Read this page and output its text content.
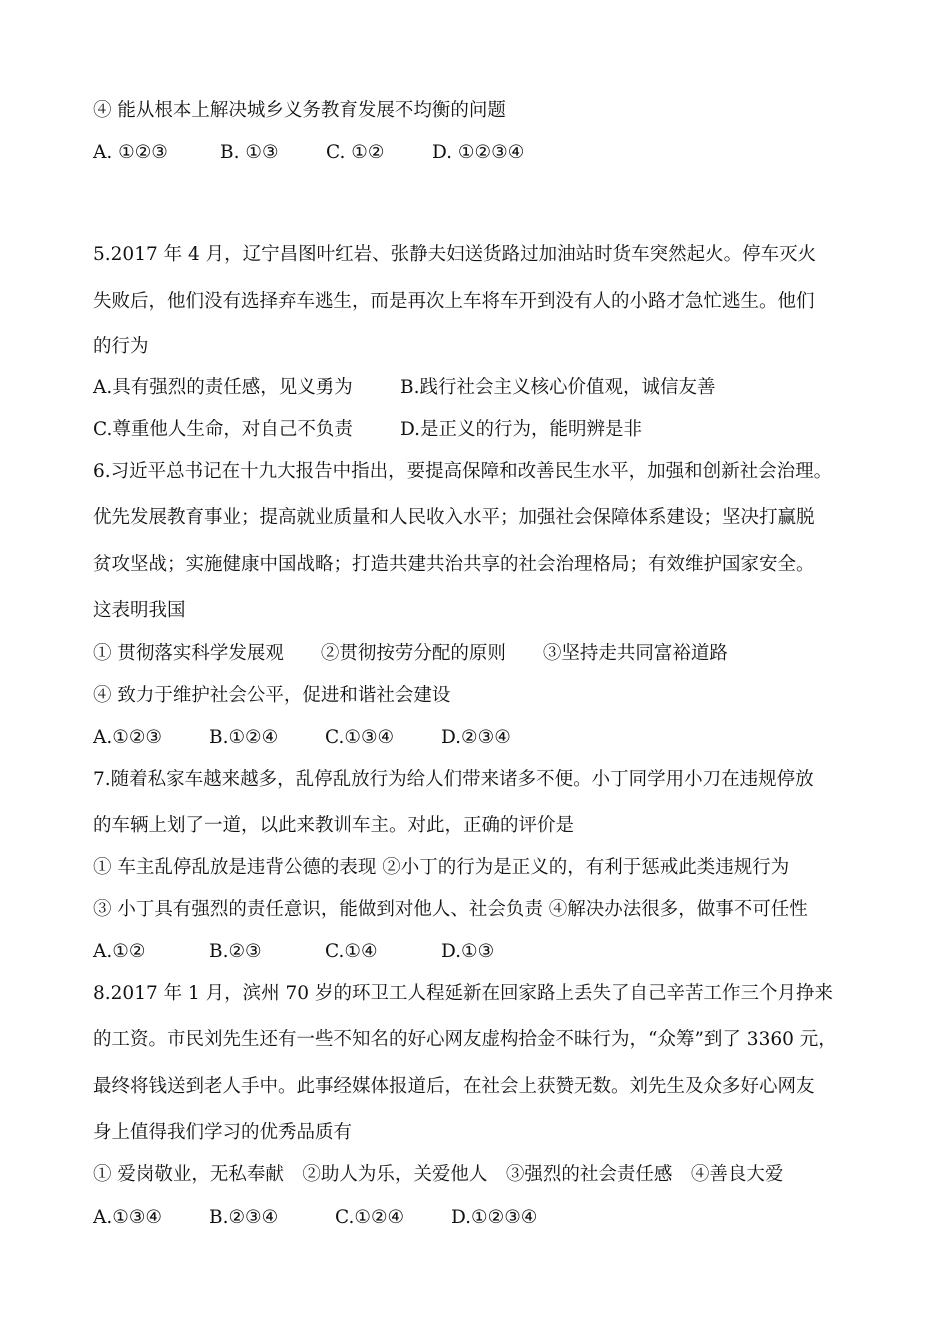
④ 能从根本上解决城乡义务教育发展不均衡的问题
A. ①②③	B. ①③	C. ①②	D. ①②③④
5.2017 年 4 月，辽宁昌图叶红岩、张静夫妇送货路过加油站时货车突然起火。停车灭火
失败后，他们没有选择弃车逃生，而是再次上车将车开到没有人的小路才急忙逃生。他们
的行为
A.具有强烈的责任感，见义勇为	B.践行社会主义核心价值观，诚信友善
C.尊重他人生命，对自己不负责	D.是正义的行为，能明辨是非
6.习近平总书记在十九大报告中指出，要提高保障和改善民生水平，加强和创新社会治理。
优先发展教育事业；提高就业质量和人民收入水平；加强社会保障体系建设；坚决打赢脱
贫攻坚战；实施健康中国战略；打造共建共治共享的社会治理格局；有效维护国家安全。
这表明我国
① 贯彻落实科学发展观　　②贯彻按劳分配的原则　　③坚持走共同富裕道路
④ 致力于维护社会公平，促进和谐社会建设
A.①②③	B.①②④	C.①③④	D.②③④
7.随着私家车越来越多，乱停乱放行为给人们带来诸多不便。小丁同学用小刀在违规停放
的车辆上划了一道，以此来教训车主。对此，正确的评价是
① 车主乱停乱放是违背公德的表现 ②小丁的行为是正义的，有利于惩戒此类违规行为
③ 小丁具有强烈的责任意识，能做到对他人、社会负责 ④解决办法很多，做事不可任性
A.①②	B.②③	C.①④	D.①③
8.2017 年 1 月，滨州 70 岁的环卫工人程延新在回家路上丢失了自己辛苦工作三个月挣来
的工资。市民刘先生还有一些不知名的好心网友虚构拾金不昧行为，“众筹”到了 3360 元，
最终将钱送到老人手中。此事经媒体报道后，在社会上获赞无数。刘先生及众多好心网友
身上值得我们学习的优秀品质有
① 爱岗敬业，无私奉献　②助人为乐，关爱他人　③强烈的社会责任感　④善良大爱
A.①③④	B.②③④	C.①②④	D.①②③④
